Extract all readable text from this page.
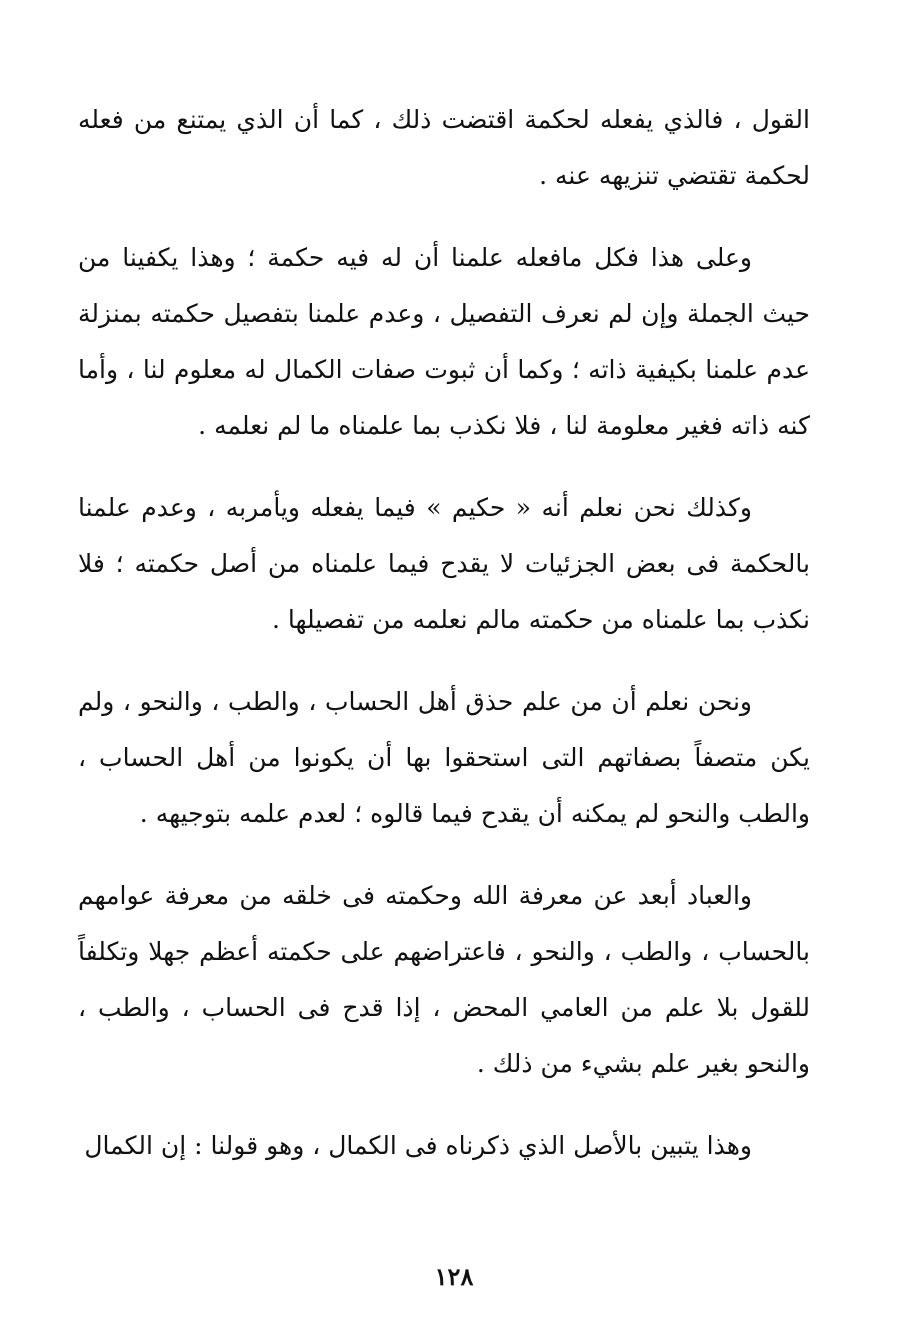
القول ، فالذي يفعله لحكمة اقتضت ذلك ، كما أن الذي يمتنع من فعله لحكمة تقتضي تنزيهه عنه .

وعلى هذا فكل مافعله علمنا أن له فيه حكمة ؛ وهذا يكفينا من حيث الجملة وإن لم نعرف التفصيل ، وعدم علمنا بتفصيل حكمته بمنزلة عدم علمنا بكيفية ذاته ؛ وكما أن ثبوت صفات الكمال له معلوم لنا ، وأما كنه ذاته فغير معلومة لنا ، فلا نكذب بما علمناه ما لم نعلمه .

وكذلك نحن نعلم أنه « حكيم » فيما يفعله ويأمربه ، وعدم علمنا بالحكمة فى بعض الجزئيات لا يقدح فيما علمناه من أصل حكمته ؛ فلا نكذب بما علمناه من حكمته مالم نعلمه من تفصيلها .

ونحن نعلم أن من علم حذق أهل الحساب ، والطب ، والنحو ، ولم يكن متصفاً بصفاتهم التى استحقوا بها أن يكونوا من أهل الحساب ، والطب والنحو لم يمكنه أن يقدح فيما قالوه ؛ لعدم علمه بتوجيهه .

والعباد أبعد عن معرفة الله وحكمته فى خلقه من معرفة عوامهم بالحساب ، والطب ، والنحو ، فاعتراضهم على حكمته أعظم جهلا وتكلفاً للقول بلا علم من العامي المحض ، إذا قدح فى الحساب ، والطب ، والنحو بغير علم بشيء من ذلك .

وهذا يتبين بالأصل الذي ذكرناه فى الكمال ، وهو قولنا : إن الكمال

١٢٨
